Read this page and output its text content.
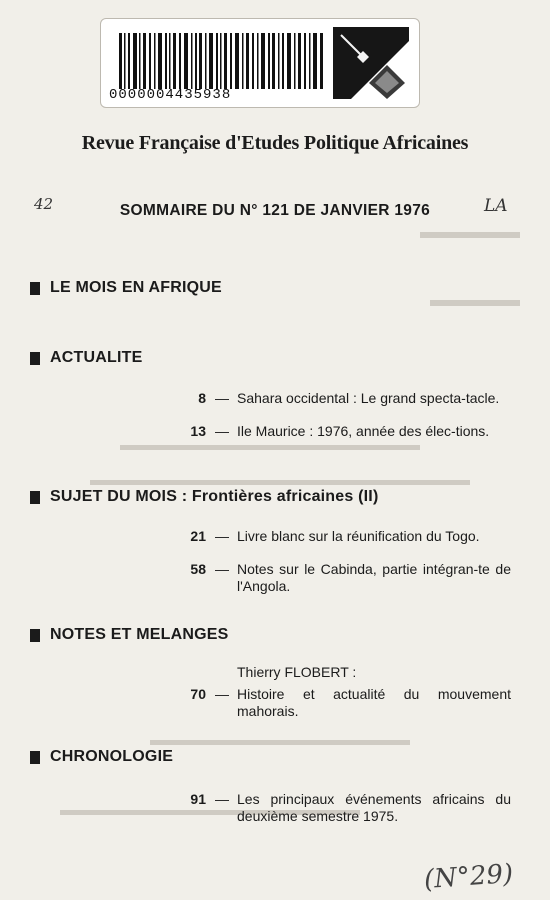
0000004435938
Revue Française d'Etudes Politique Africaines
42	SOMMAIRE DU N° 121 DE JANVIER 1976	LA
LE MOIS EN AFRIQUE
ACTUALITE
8 — Sahara occidental : Le grand specta-tacle.
13 — Ile Maurice : 1976, année des élec-tions.
SUJET DU MOIS : Frontières africaines (II)
21 — Livre blanc sur la réunification du Togo.
58 — Notes sur le Cabinda, partie intégran-te de l'Angola.
NOTES ET MELANGES
Thierry FLOBERT :
70 — Histoire et actualité du mouvement mahorais.
CHRONOLOGIE
91 — Les principaux événements africains du deuxième semestre 1975.
(N°29)
